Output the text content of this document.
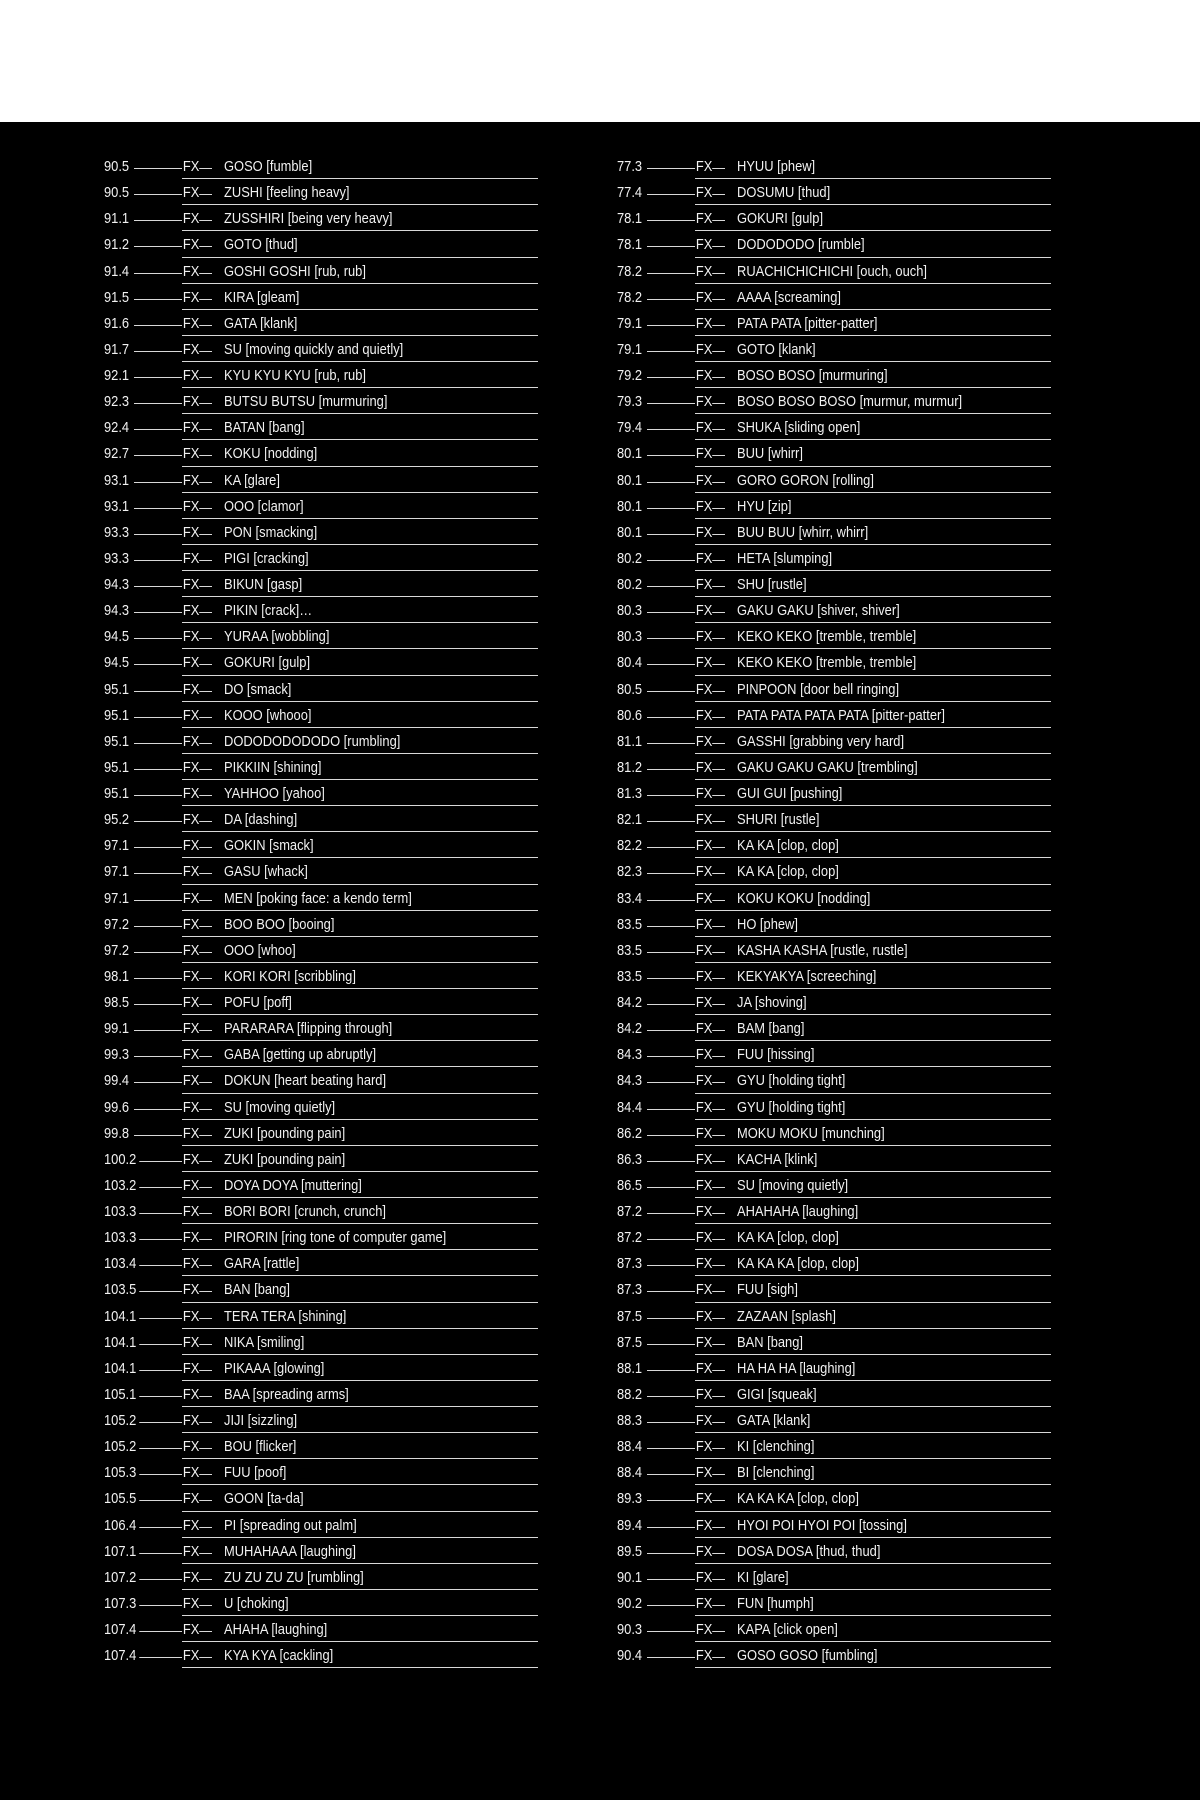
90.5	FX GOSO [fumble]
90.5	FX ZUSHI [feeling heavy]
91.1	FX ZUSSHIRI [being very heavy]
91.2	FX GOTO [thud]
91.4	FX GOSHI GOSHI [rub, rub]
91.5	FX KIRA [gleam]
91.6	FX GATA [klank]
91.7	FX SU [moving quickly and quietly]
92.1	FX KYU KYU KYU [rub, rub]
92.3	FX BUTSU BUTSU [murmuring]
92.4	FX BATAN [bang]
92.7	FX KOKU [nodding]
93.1	FX KA [glare]
93.1	FX OOO [clamor]
93.3	FX PON [smacking]
93.3	FX PIGI [cracking]
94.3	FX BIKUN [gasp]
94.3	FX PIKIN [crack]…
94.5	FX YURAA [wobbling]
94.5	FX GOKURI [gulp]
95.1	FX DO [smack]
95.1	FX KOOO [whooo]
95.1	FX DODODODODODO [rumbling]
95.1	FX PIKKIIN [shining]
95.1	FX YAHHOO [yahoo]
95.2	FX DA [dashing]
97.1	FX GOKIN [smack]
97.1	FX GASU [whack]
97.1	FX MEN [poking face: a kendo term]
97.2	FX BOO BOO [booing]
97.2	FX OOO [whoo]
98.1	FX KORI KORI [scribbling]
98.5	FX POFU [poff]
99.1	FX PARARARA [flipping through]
99.3	FX GABA [getting up abruptly]
99.4	FX DOKUN [heart beating hard]
99.6	FX SU [moving quietly]
99.8	FX ZUKI [pounding pain]
100.2	FX ZUKI [pounding pain]
103.2	FX DOYA DOYA [muttering]
103.3	FX BORI BORI [crunch, crunch]
103.3	FX PIRORIN [ring tone of computer game]
103.4	FX GARA [rattle]
103.5	FX BAN [bang]
104.1	FX TERA TERA [shining]
104.1	FX NIKA [smiling]
104.1	FX PIKAAA [glowing]
105.1	FX BAA [spreading arms]
105.2	FX JIJI [sizzling]
105.2	FX BOU [flicker]
105.3	FX FUU [poof]
105.5	FX GOON [ta-da]
106.4	FX PI [spreading out palm]
107.1	FX MUHAHAAA [laughing]
107.2	FX ZU ZU ZU ZU [rumbling]
107.3	FX U [choking]
107.4	FX AHAHA [laughing]
107.4	FX KYA KYA [cackling]
77.3	FX HYUU [phew]
77.4	FX DOSUMU [thud]
78.1	FX GOKURI [gulp]
78.1	FX DODODODO [rumble]
78.2	FX RUACHICHICHICHI [ouch, ouch]
78.2	FX AAAA [screaming]
79.1	FX PATA PATA [pitter-patter]
79.1	FX GOTO [klank]
79.2	FX BOSO BOSO [murmuring]
79.3	FX BOSO BOSO BOSO [murmur, murmur]
79.4	FX SHUKA [sliding open]
80.1	FX BUU [whirr]
80.1	FX GORO GORON [rolling]
80.1	FX HYU [zip]
80.1	FX BUU BUU [whirr, whirr]
80.2	FX HETA [slumping]
80.2	FX SHU [rustle]
80.3	FX GAKU GAKU [shiver, shiver]
80.3	FX KEKO KEKO [tremble, tremble]
80.4	FX KEKO KEKO [tremble, tremble]
80.5	FX PINPOON [door bell ringing]
80.6	FX PATA PATA PATA PATA [pitter-patter]
81.1	FX GASSHI [grabbing very hard]
81.2	FX GAKU GAKU GAKU [trembling]
81.3	FX GUI GUI [pushing]
82.1	FX SHURI [rustle]
82.2	FX KA KA [clop, clop]
82.3	FX KA KA [clop, clop]
83.4	FX KOKU KOKU [nodding]
83.5	FX HO [phew]
83.5	FX KASHA KASHA [rustle, rustle]
83.5	FX KEKYAKYA [screeching]
84.2	FX JA [shoving]
84.2	FX BAM [bang]
84.3	FX FUU [hissing]
84.3	FX GYU [holding tight]
84.4	FX GYU [holding tight]
86.2	FX MOKU MOKU [munching]
86.3	FX KACHA [klink]
86.5	FX SU [moving quietly]
87.2	FX AHAHAHA [laughing]
87.2	FX KA KA [clop, clop]
87.3	FX KA KA KA [clop, clop]
87.3	FX FUU [sigh]
87.5	FX ZAZAAN [splash]
87.5	FX BAN [bang]
88.1	FX HA HA HA [laughing]
88.2	FX GIGI [squeak]
88.3	FX GATA [klank]
88.4	FX KI [clenching]
88.4	FX BI [clenching]
89.3	FX KA KA KA [clop, clop]
89.4	FX HYOI POI HYOI POI [tossing]
89.5	FX DOSA DOSA [thud, thud]
90.1	FX KI [glare]
90.2	FX FUN [humph]
90.3	FX KAPA [click open]
90.4	FX GOSO GOSO [fumbling]
